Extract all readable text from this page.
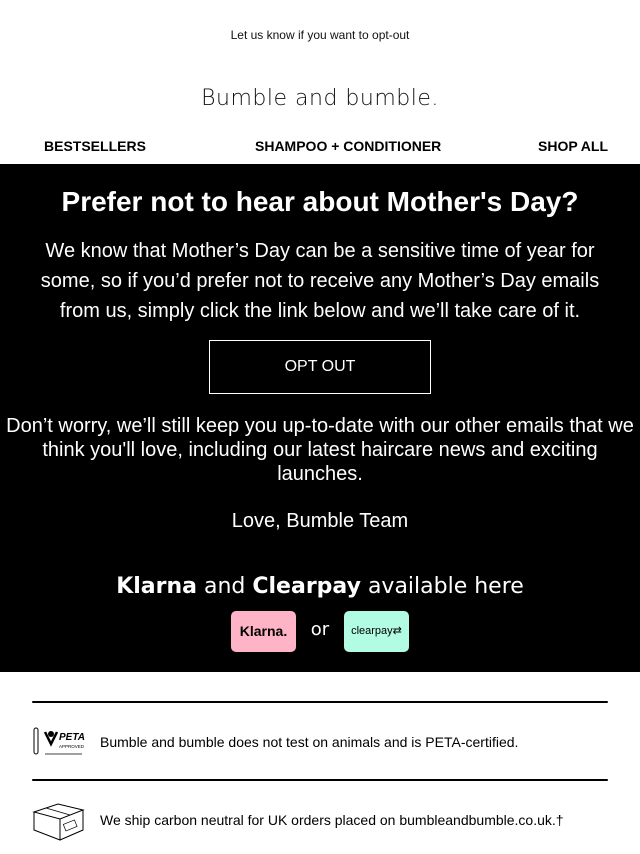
Let us know if you want to opt-out
Bumble and bumble.
BESTSELLERS	SHAMPOO + CONDITIONER	SHOP ALL
Prefer not to hear about Mother's Day?

We know that Mother’s Day can be a sensitive time of year for some, so if you’d prefer not to receive any Mother’s Day emails from us, simply click the link below and we’ll take care of it.

OPT OUT

Don’t worry, we’ll still keep you up-to-date with our other emails that we think you'll love, including our latest haircare news and exciting launches.

Love, Bumble Team

Klarna and Clearpay available here
Klarna.	or	clearpay⇄
PETA
APPROVED Bumble and bumble does not test on animals and is PETA-certified.
We ship carbon neutral for UK orders placed on bumbleandbumble.co.uk.†
